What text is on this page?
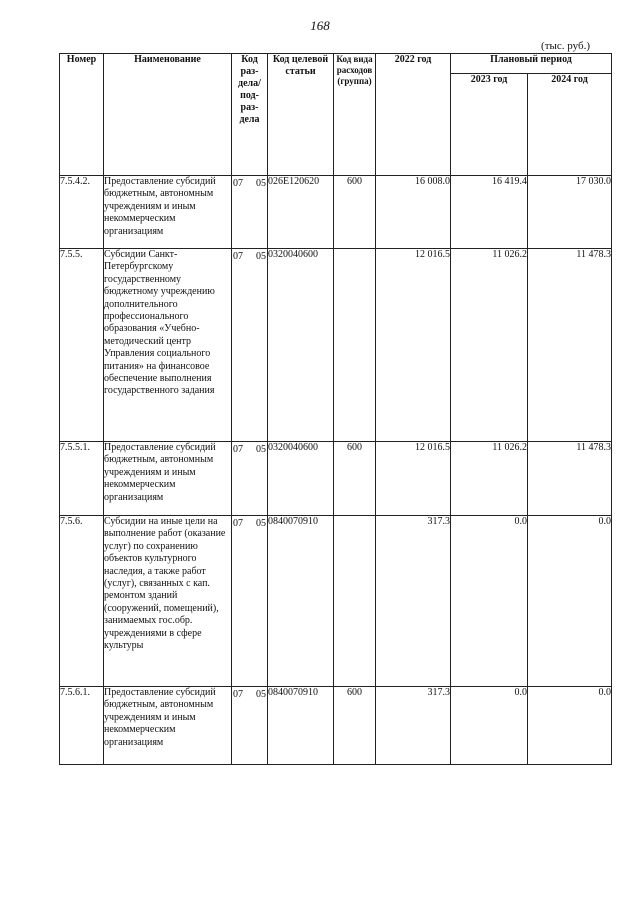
168
(тыс. руб.)
Номер	Наименование	Код раз-дела/ под-раз-дела	Код целевой статьи	Код вида расходов (группа)	2022 год	Плановый период	
						2023 год	2024 год
7.5.4.2.	Предоставление субсидий бюджетным, автономным учреждениям и иным некоммерческим организациям	07 05	026E120620	600	16 008.0	16 419.4	17 030.0
7.5.5.	Субсидии Санкт-Петербургскому государственному бюджетному учреждению дополнительного профессионального образования «Учебно-методический центр Управления социального питания» на финансовое обеспечение выполнения государственного задания	07 05	0320040600		12 016.5	11 026.2	11 478.3
7.5.5.1.	Предоставление субсидий бюджетным, автономным учреждениям и иным некоммерческим организациям	07 05	0320040600	600	12 016.5	11 026.2	11 478.3
7.5.6.	Субсидии на иные цели на выполнение работ (оказание услуг) по сохранению объектов культурного наследия, а также работ (услуг), связанных с кап. ремонтом зданий (сооружений, помещений), занимаемых гос.обр. учреждениями в сфере культуры	07 05	0840070910		317.3	0.0	0.0
7.5.6.1.	Предоставление субсидий бюджетным, автономным учреждениям и иным некоммерческим организациям	07 05	0840070910	600	317.3	0.0	0.0
